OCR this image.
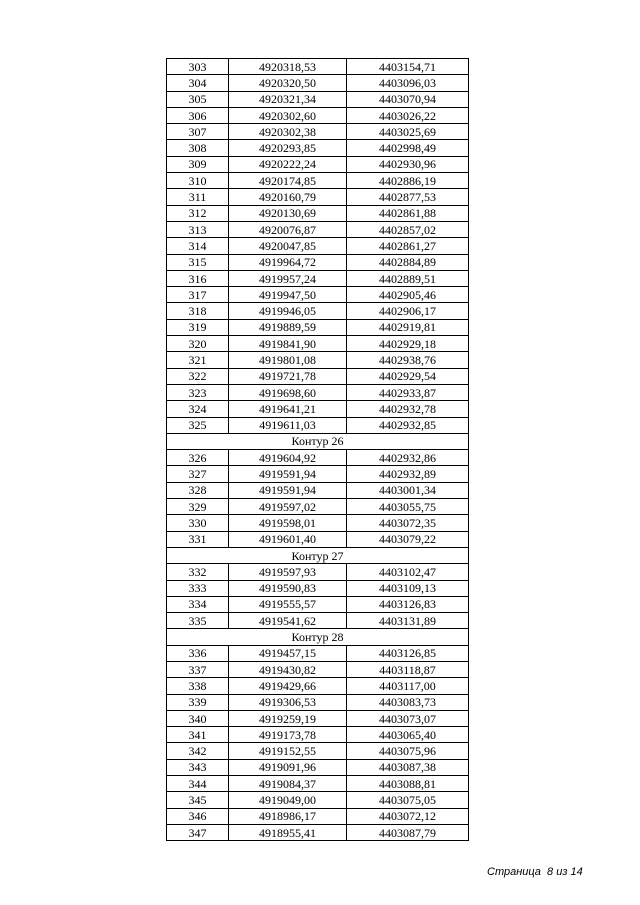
303	4920318,53	4403154,71
304	4920320,50	4403096,03
305	4920321,34	4403070,94
306	4920302,60	4403026,22
307	4920302,38	4403025,69
308	4920293,85	4402998,49
309	4920222,24	4402930,96
310	4920174,85	4402886,19
311	4920160,79	4402877,53
312	4920130,69	4402861,88
313	4920076,87	4402857,02
314	4920047,85	4402861,27
315	4919964,72	4402884,89
316	4919957,24	4402889,51
317	4919947,50	4402905,46
318	4919946,05	4402906,17
319	4919889,59	4402919,81
320	4919841,90	4402929,18
321	4919801,08	4402938,76
322	4919721,78	4402929,54
323	4919698,60	4402933,87
324	4919641,21	4402932,78
325	4919611,03	4402932,85
Контур 26		
326	4919604,92	4402932,86
327	4919591,94	4402932,89
328	4919591,94	4403001,34
329	4919597,02	4403055,75
330	4919598,01	4403072,35
331	4919601,40	4403079,22
Контур 27		
332	4919597,93	4403102,47
333	4919590,83	4403109,13
334	4919555,57	4403126,83
335	4919541,62	4403131,89
Контур 28		
336	4919457,15	4403126,85
337	4919430,82	4403118,87
338	4919429,66	4403117,00
339	4919306,53	4403083,73
340	4919259,19	4403073,07
341	4919173,78	4403065,40
342	4919152,55	4403075,96
343	4919091,96	4403087,38
344	4919084,37	4403088,81
345	4919049,00	4403075,05
346	4918986,17	4403072,12
347	4918955,41	4403087,79
Страница  8 из 14
